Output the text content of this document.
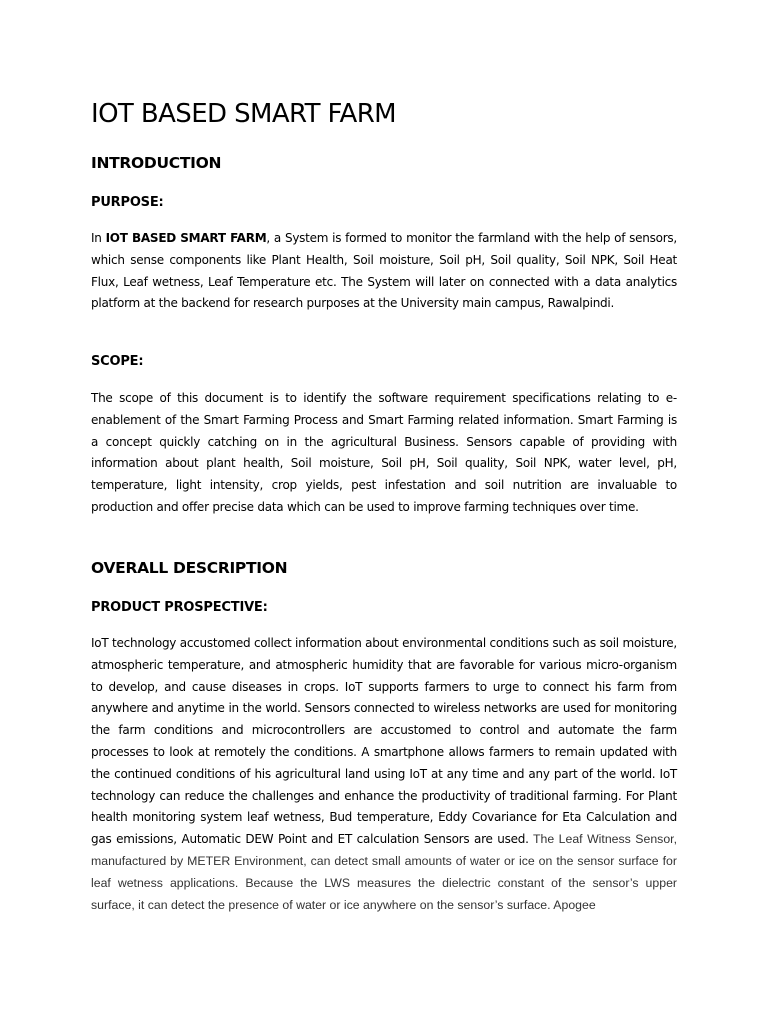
IOT BASED SMART FARM
INTRODUCTION
PURPOSE:

In IOT BASED SMART FARM, a System is formed to monitor the farmland with the help of sensors, which sense components like Plant Health, Soil moisture, Soil pH, Soil quality, Soil NPK, Soil Heat Flux, Leaf wetness, Leaf Temperature etc. The System will later on connected with a data analytics platform at the backend for research purposes at the University main campus, Rawalpindi.

SCOPE:

The scope of this document is to identify the software requirement specifications relating to e-enablement of the Smart Farming Process and Smart Farming related information. Smart Farming is a concept quickly catching on in the agricultural Business. Sensors capable of providing with information about plant health, Soil moisture, Soil pH, Soil quality, Soil NPK, water level, pH, temperature, light intensity, crop yields, pest infestation and soil nutrition are invaluable to production and offer precise data which can be used to improve farming techniques over time.

OVERALL DESCRIPTION
PRODUCT PROSPECTIVE:

IoT technology accustomed collect information about environmental conditions such as soil moisture, atmospheric temperature, and atmospheric humidity that are favorable for various micro-organism to develop, and cause diseases in crops. IoT supports farmers to urge to connect his farm from anywhere and anytime in the world. Sensors connected to wireless networks are used for monitoring the farm conditions and microcontrollers are accustomed to control and automate the farm processes to look at remotely the conditions. A smartphone allows farmers to remain updated with the continued conditions of his agricultural land using IoT at any time and any part of the world. IoT technology can reduce the challenges and enhance the productivity of traditional farming. For Plant health monitoring system leaf wetness, Bud temperature, Eddy Covariance for Eta Calculation and gas emissions, Automatic DEW Point and ET calculation Sensors are used. The Leaf Witness Sensor, manufactured by METER Environment, can detect small amounts of water or ice on the sensor surface for leaf wetness applications. Because the LWS measures the dielectric constant of the sensor’s upper surface, it can detect the presence of water or ice anywhere on the sensor’s surface. Apogee
